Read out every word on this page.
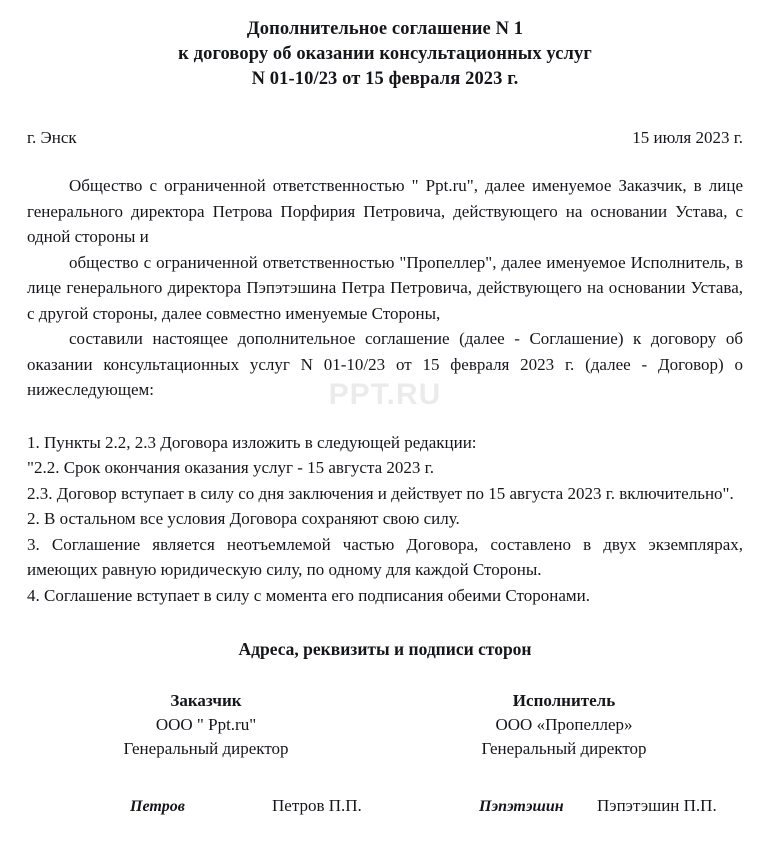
PPT.RU
Дополнительное соглашение N 1
к договору об оказании консультационных услуг
N 01-10/23 от 15 февраля 2023 г.
г. Энск	15 июля 2023 г.

Общество с ограниченной ответственностью " Ppt.ru", далее именуемое Заказчик, в лице генерального директора Петрова Порфирия Петровича, действующего на основании Устава, с одной стороны и

общество с ограниченной ответственностью "Пропеллер", далее именуемое Исполнитель, в лице генерального директора Пэпэтэшина Петра Петровича, действующего на основании Устава, с другой стороны, далее совместно именуемые Стороны,

составили настоящее дополнительное соглашение (далее - Соглашение) к договору об оказании консультационных услуг N 01-10/23 от 15 февраля 2023 г. (далее - Договор) о нижеследующем:

1. Пункты 2.2, 2.3 Договора изложить в следующей редакции:

"2.2. Срок окончания оказания услуг - 15 августа 2023 г.

2.3. Договор вступает в силу со дня заключения и действует по 15 августа 2023 г. включительно".

2. В остальном все условия Договора сохраняют свою силу.

3. Соглашение является неотъемлемой частью Договора, составлено в двух экземплярах, имеющих равную юридическую силу, по одному для каждой Стороны.

4. Соглашение вступает в силу с момента его подписания обеими Сторонами.

Адреса, реквизиты и подписи сторон
Заказчик
ООО " Ppt.ru"
Генеральный директор
Исполнитель
ООО «Пропеллер»
Генеральный директор
Петров	Петров П.П.	Пэпэтэшин	Пэпэтэшин П.П.
